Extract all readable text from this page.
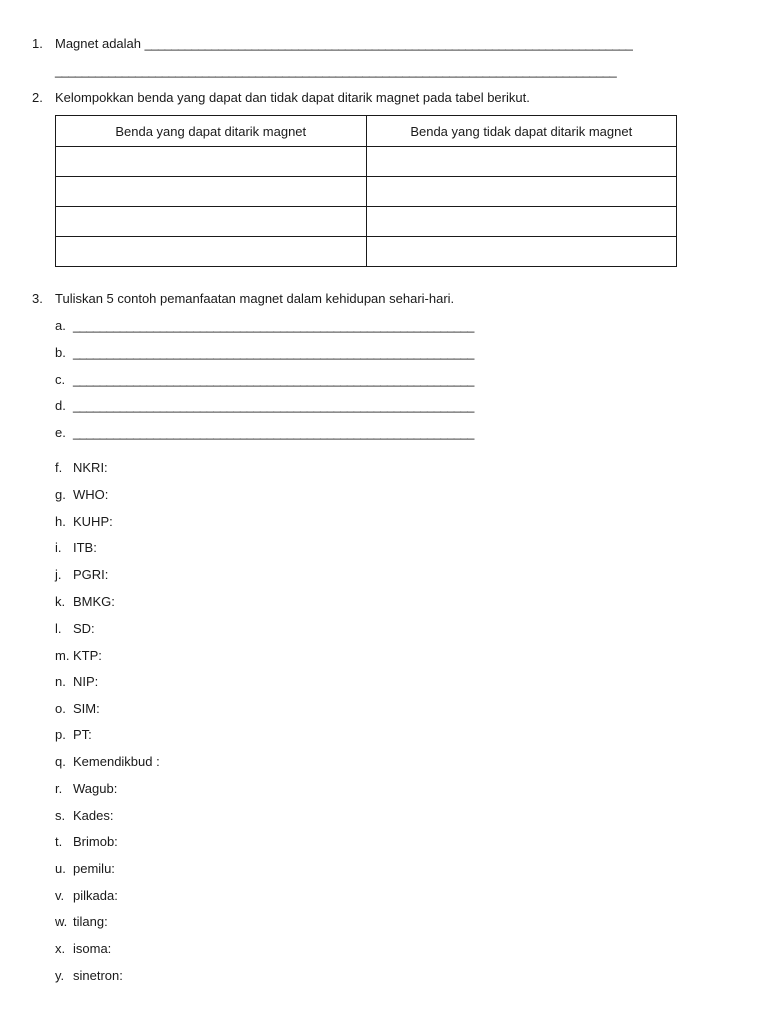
1. Magnet adalah _________________________________________________________________________
____________________________________________________________________________________
2. Kelompokkan benda yang dapat dan tidak dapat ditarik magnet pada tabel berikut.
Benda yang dapat ditarik magnet	Benda yang tidak dapat ditarik magnet

3. Tuliskan 5 contoh pemanfaatan magnet dalam kehidupan sehari-hari.
a. ____________________________________________________________
b. ____________________________________________________________
c. ____________________________________________________________
d. ____________________________________________________________
e. ____________________________________________________________
f. NKRI:
g. WHO:
h. KUHP:
i. ITB:
j. PGRI:
k. BMKG:
l. SD:
m. KTP:
n. NIP:
o. SIM:
p. PT:
q. Kemendikbud :
r. Wagub:
s. Kades:
t. Brimob:
u. pemilu:
v. pilkada:
w. tilang:
x. isoma:
y. sinetron:
